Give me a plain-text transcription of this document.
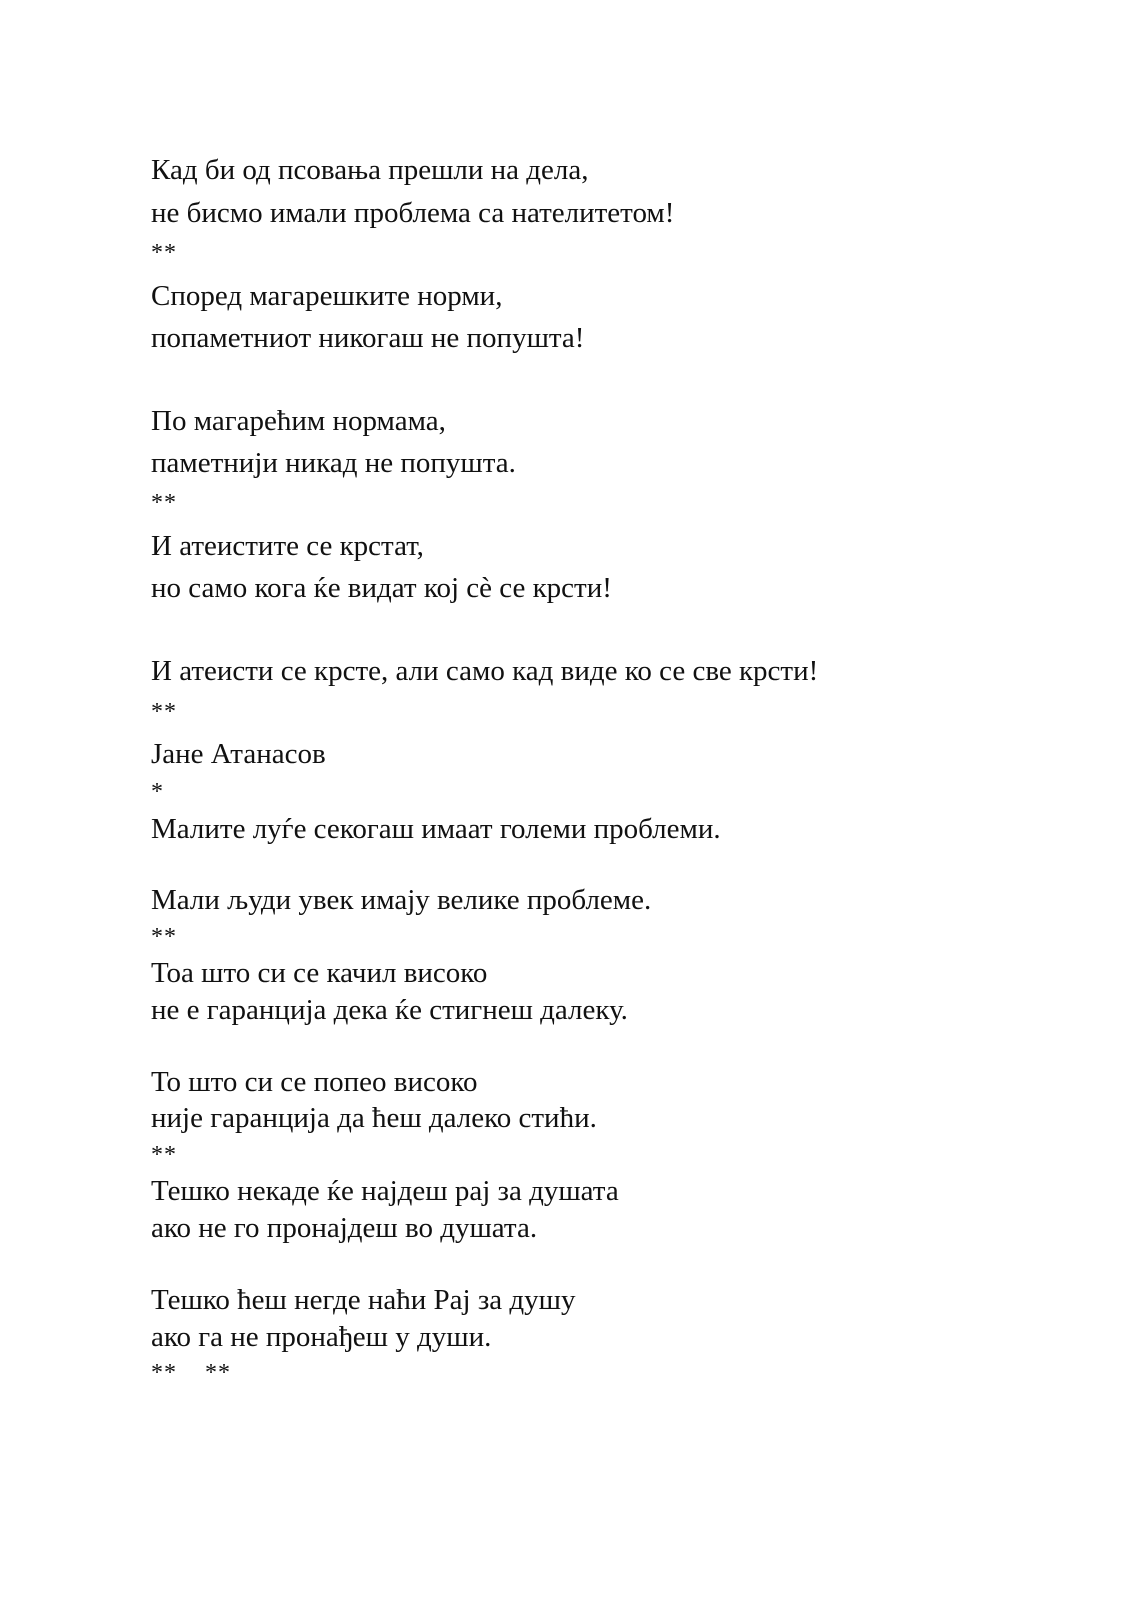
Кад би од псовања прешли на дела,

не бисмо имали проблема са нателитетом!

**

Според магарешките норми,

попаметниот никогаш не попушта!

По магарећим нормама,

паметнији никад не попушта.

**

И атеистите се крстат,

но само кога ќе видат кој сѐ се крсти!

И атеисти се крсте, али само кад виде ко се све крсти!

**

Јане Атанасов

*

Малите луѓе секогаш имаат големи проблеми.

Мали људи увек имају велике проблеме.

**

Тоа што си се качил високо

не е гаранција дека ќе стигнеш далеку.

То што си се попео високо

није гаранција да ћеш далеко стићи.

**

Тешко некаде ќе најдеш рај за душата

ако не го пронајдеш во душата.

Тешко ћеш негде наћи Рај за душу

ако га не пронађеш у души.

**    **
